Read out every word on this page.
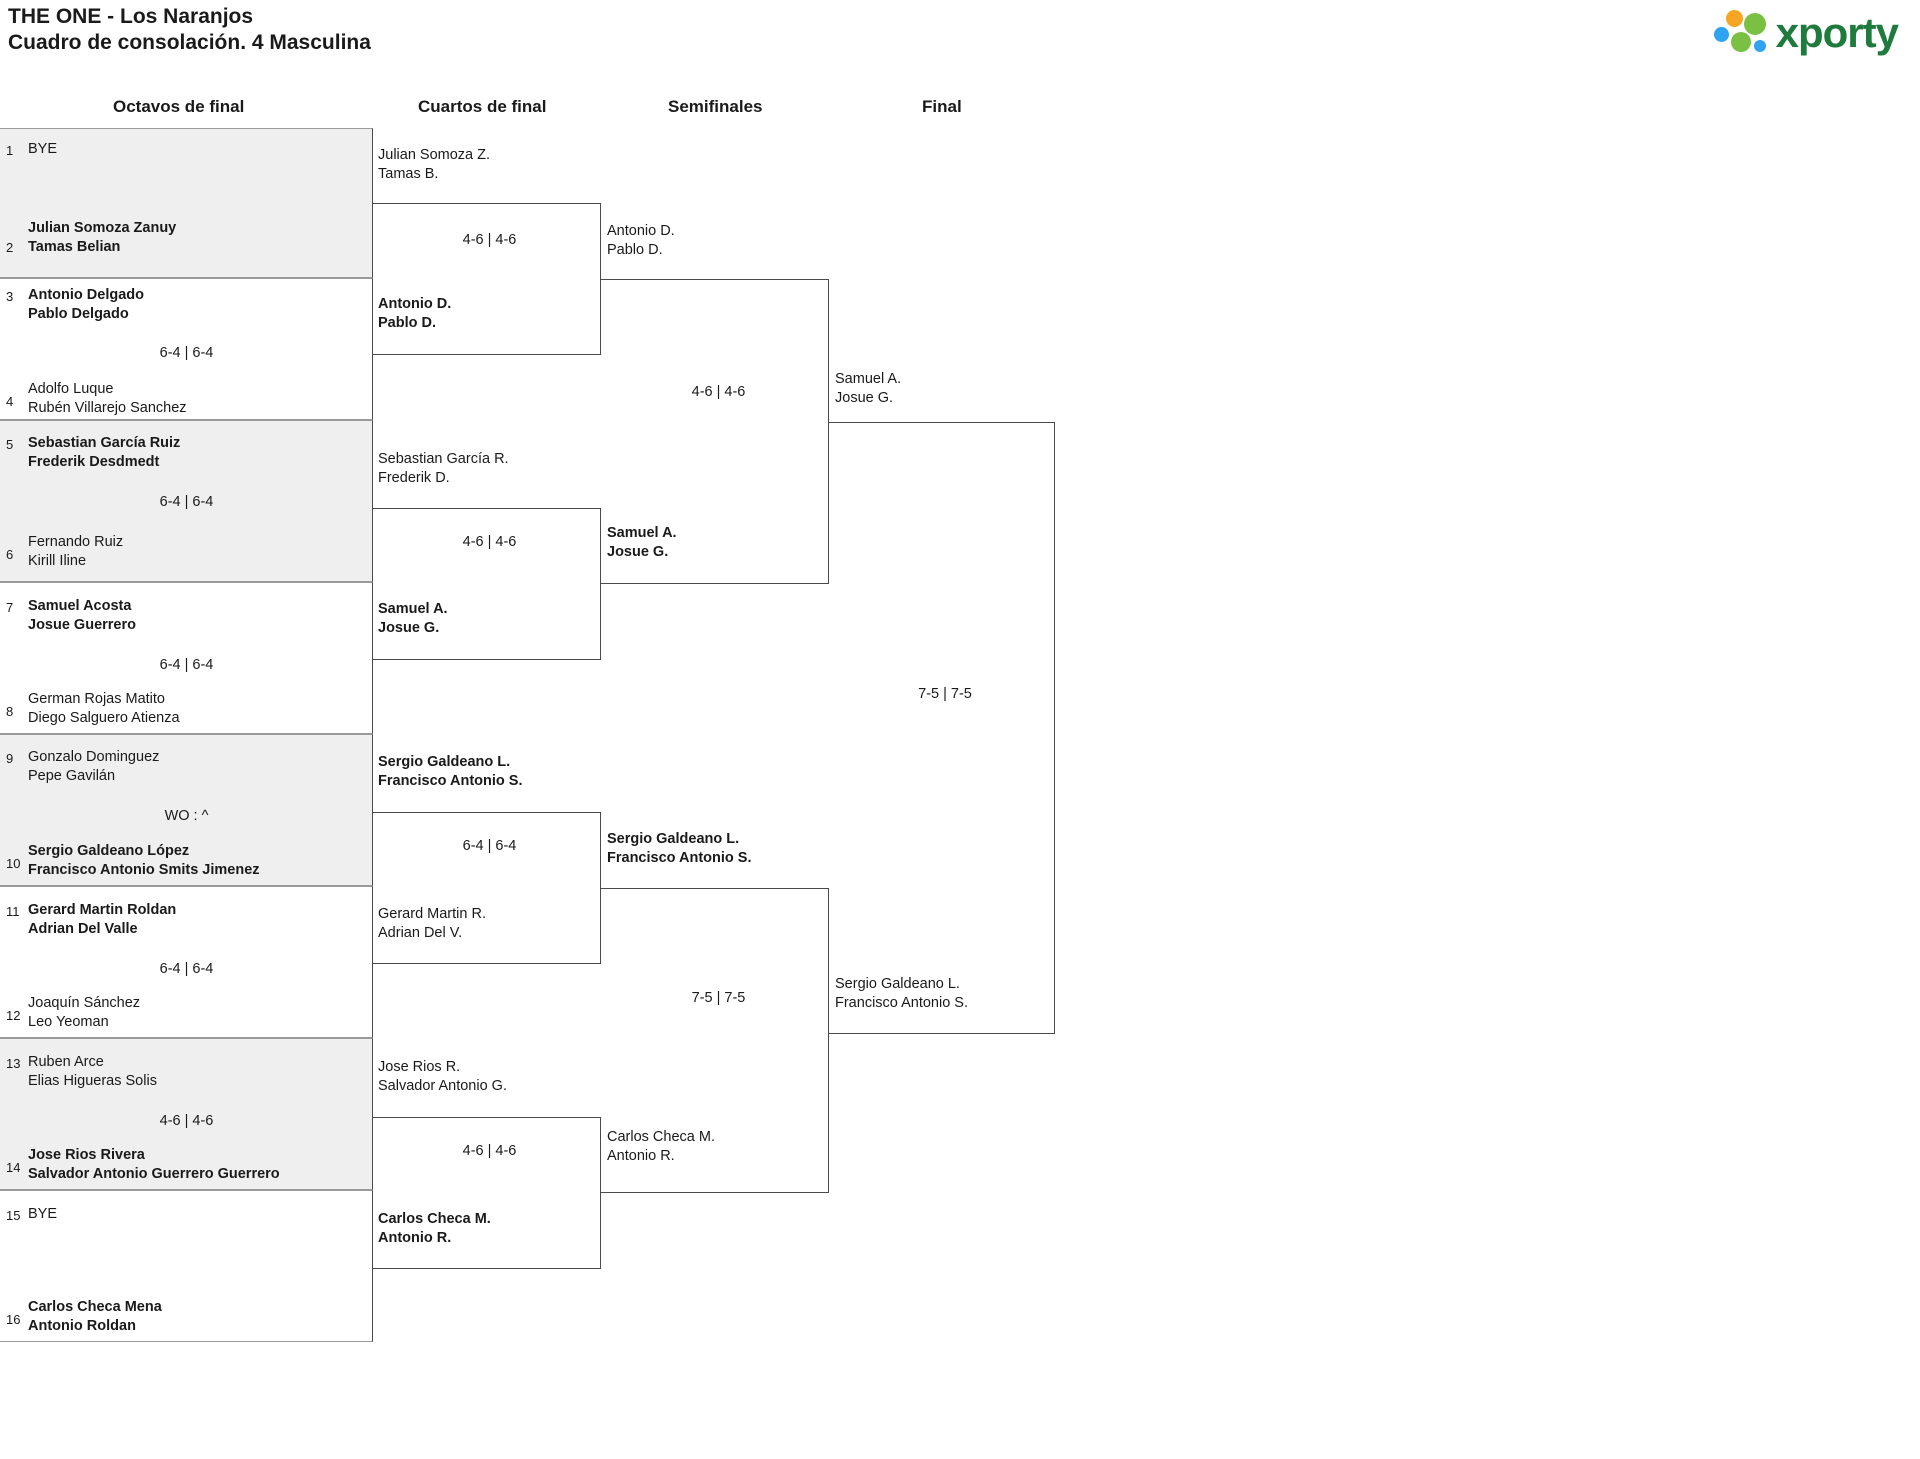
THE ONE - Los Naranjos
Cuadro de consolación. 4 Masculina	xporty
Octavos de final	Cuartos de final	Semifinales	Final
1 BYE
2
Julian Somoza Zanuy
Tamas Belian
3 Antonio Delgado
Pablo Delgado
6-4 | 6-4
4
Adolfo Luque
Rubén Villarejo Sanchez
5 Sebastian García Ruiz
Frederik Desdmedt
6-4 | 6-4
6
Fernando Ruiz
Kirill Iline
7 Samuel Acosta
Josue Guerrero
6-4 | 6-4
8
German Rojas Matito
Diego Salguero Atienza
9 Gonzalo Dominguez
Pepe Gavilán
WO : ^
10
Sergio Galdeano López
Francisco Antonio Smits Jimenez
11 Gerard Martin Roldan
Adrian Del Valle
6-4 | 6-4
12
Joaquín Sánchez
Leo Yeoman
13 Ruben Arce
Elias Higueras Solis
4-6 | 4-6
14
Jose Rios Rivera
Salvador Antonio Guerrero Guerrero
15 BYE
16
Carlos Checa Mena
Antonio Roldan
Julian Somoza Z.
Tamas B.
4-6 | 4-6
Antonio D.
Pablo D.
Sebastian García R.
Frederik D.
4-6 | 4-6
Samuel A.
Josue G.
Sergio Galdeano L.
Francisco Antonio S.
6-4 | 6-4
Gerard Martin R.
Adrian Del V.
Jose Rios R.
Salvador Antonio G.
4-6 | 4-6
Carlos Checa M.
Antonio R.
Antonio D.
Pablo D.
4-6 | 4-6
Samuel A.
Josue G.
Sergio Galdeano L.
Francisco Antonio S.
7-5 | 7-5
Carlos Checa M.
Antonio R.
Samuel A.
Josue G.
7-5 | 7-5
Sergio Galdeano L.
Francisco Antonio S.
